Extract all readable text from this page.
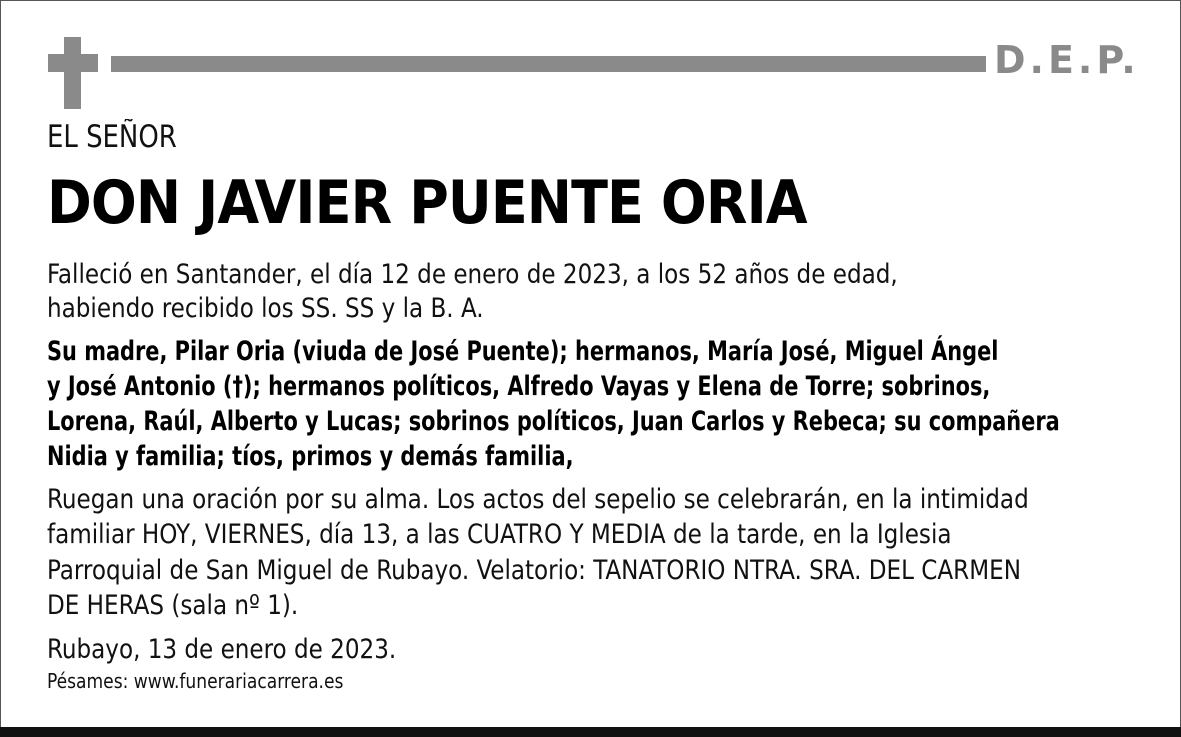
D.E.P.
EL SEÑOR
DON JAVIER PUENTE ORIA
Falleció en Santander, el día 12 de enero de 2023, a los 52 años de edad,
habiendo recibido los SS. SS y la B. A.
Su madre, Pilar Oria (viuda de José Puente); hermanos, María José, Miguel Ángel
y José Antonio (†); hermanos políticos, Alfredo Vayas y Elena de Torre; sobrinos,
Lorena, Raúl, Alberto y Lucas; sobrinos políticos, Juan Carlos y Rebeca; su compañera
Nidia y familia; tíos, primos y demás familia,
Ruegan una oración por su alma. Los actos del sepelio se celebrarán, en la intimidad
familiar HOY, VIERNES, día 13, a las CUATRO Y MEDIA de la tarde, en la Iglesia
Parroquial de San Miguel de Rubayo. Velatorio: TANATORIO NTRA. SRA. DEL CARMEN
DE HERAS (sala nº 1).
Rubayo, 13 de enero de 2023.
Pésames: www.funerariacarrera.es
